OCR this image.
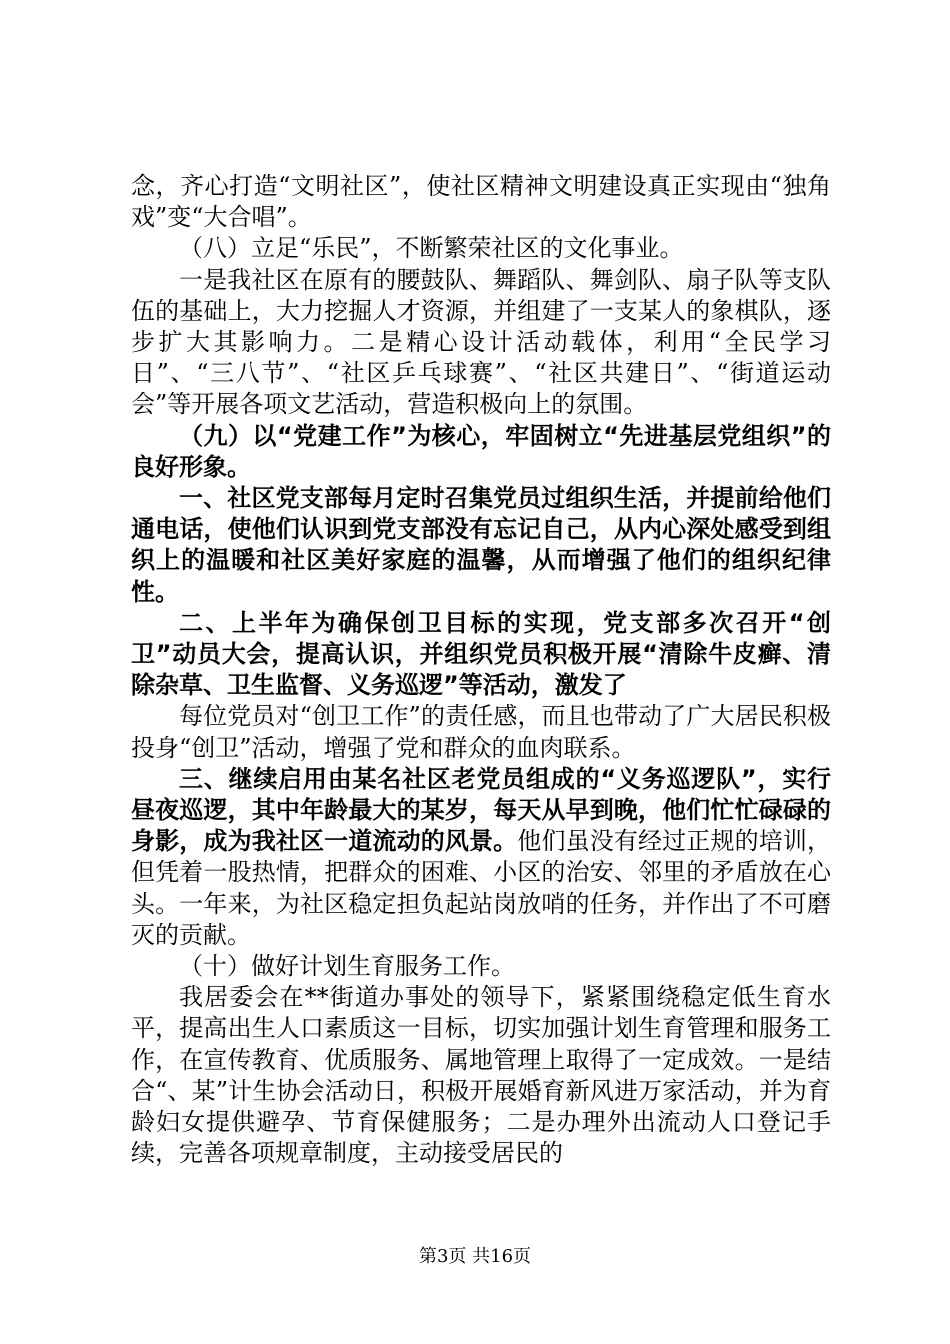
念，齐心打造“文明社区”，使社区精神文明建设真正实现由“独角戏”变“大合唱”。

（八）立足“乐民”，不断繁荣社区的文化事业。

一是我社区在原有的腰鼓队、舞蹈队、舞剑队、扇子队等支队伍的基础上，大力挖掘人才资源，并组建了一支某人的象棋队，逐步扩大其影响力。二是精心设计活动载体，利用“全民学习日”、“三八节”、“社区乒乓球赛”、“社区共建日”、“街道运动会”等开展各项文艺活动，营造积极向上的氛围。

（九）以“党建工作”为核心，牢固树立“先进基层党组织”的良好形象。

一、社区党支部每月定时召集党员过组织生活，并提前给他们通电话，使他们认识到党支部没有忘记自己，从内心深处感受到组织上的温暖和社区美好家庭的温馨，从而增强了他们的组织纪律性。

二、上半年为确保创卫目标的实现，党支部多次召开“创卫”动员大会，提高认识，并组织党员积极开展“清除牛皮癣、清除杂草、卫生监督、义务巡逻”等活动，激发了

每位党员对“创卫工作”的责任感，而且也带动了广大居民积极投身“创卫”活动，增强了党和群众的血肉联系。

三、继续启用由某名社区老党员组成的“义务巡逻队”，实行昼夜巡逻，其中年龄最大的某岁，每天从早到晚，他们忙忙碌碌的身影，成为我社区一道流动的风景。他们虽没有经过正规的培训，但凭着一股热情，把群众的困难、小区的治安、邻里的矛盾放在心头。一年来，为社区稳定担负起站岗放哨的任务，并作出了不可磨灭的贡献。

（十）做好计划生育服务工作。

我居委会在**街道办事处的领导下，紧紧围绕稳定低生育水平，提高出生人口素质这一目标，切实加强计划生育管理和服务工作，在宣传教育、优质服务、属地管理上取得了一定成效。一是结合“、某”计生协会活动日，积极开展婚育新风进万家活动，并为育龄妇女提供避孕、节育保健服务；二是办理外出流动人口登记手续，完善各项规章制度，主动接受居民的

第3页 共16页
